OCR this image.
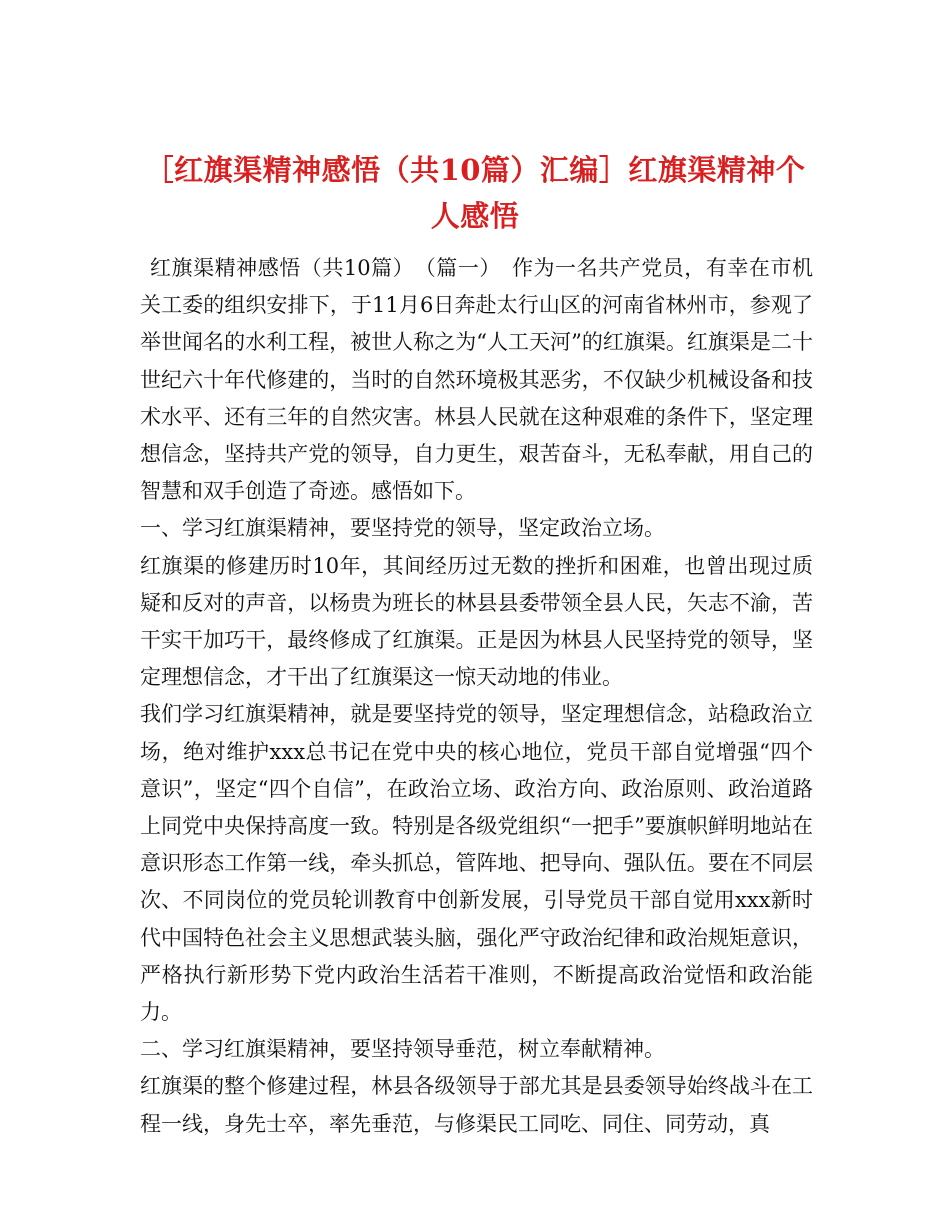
［红旗渠精神感悟（共10篇）汇编］红旗渠精神个人感悟

红旗渠精神感悟（共10篇）　（篇一）　作为一名共产党员，有幸在市机关工委的组织安排下，于11月6日奔赴太行山区的河南省林州市，参观了举世闻名的水利工程，被世人称之为“人工天河”的红旗渠。红旗渠是二十世纪六十年代修建的，当时的自然环境极其恶劣，不仅缺少机械设备和技术水平、还有三年的自然灾害。林县人民就在这种艰难的条件下，坚定理想信念，坚持共产党的领导，自力更生，艰苦奋斗，无私奉献，用自己的智慧和双手创造了奇迹。感悟如下。

一、学习红旗渠精神，要坚持党的领导，坚定政治立场。

红旗渠的修建历时10年，其间经历过无数的挫折和困难，也曾出现过质疑和反对的声音，以杨贵为班长的林县县委带领全县人民，矢志不渝，苦干实干加巧干，最终修成了红旗渠。正是因为林县人民坚持党的领导，坚定理想信念，才干出了红旗渠这一惊天动地的伟业。

我们学习红旗渠精神，就是要坚持党的领导，坚定理想信念，站稳政治立场，绝对维护xxx总书记在党中央的核心地位，党员干部自觉增强“四个意识”，坚定“四个自信”，在政治立场、政治方向、政治原则、政治道路上同党中央保持高度一致。特别是各级党组织“一把手”要旗帜鲜明地站在意识形态工作第一线，牵头抓总，管阵地、把导向、强队伍。要在不同层次、不同岗位的党员轮训教育中创新发展，引导党员干部自觉用xxx新时代中国特色社会主义思想武装头脑，强化严守政治纪律和政治规矩意识，严格执行新形势下党内政治生活若干准则，不断提高政治觉悟和政治能力。

二、学习红旗渠精神，要坚持领导垂范，树立奉献精神。

红旗渠的整个修建过程，林县各级领导于部尤其是县委领导始终战斗在工程一线，身先士卒，率先垂范，与修渠民工同吃、同住、同劳动，真
